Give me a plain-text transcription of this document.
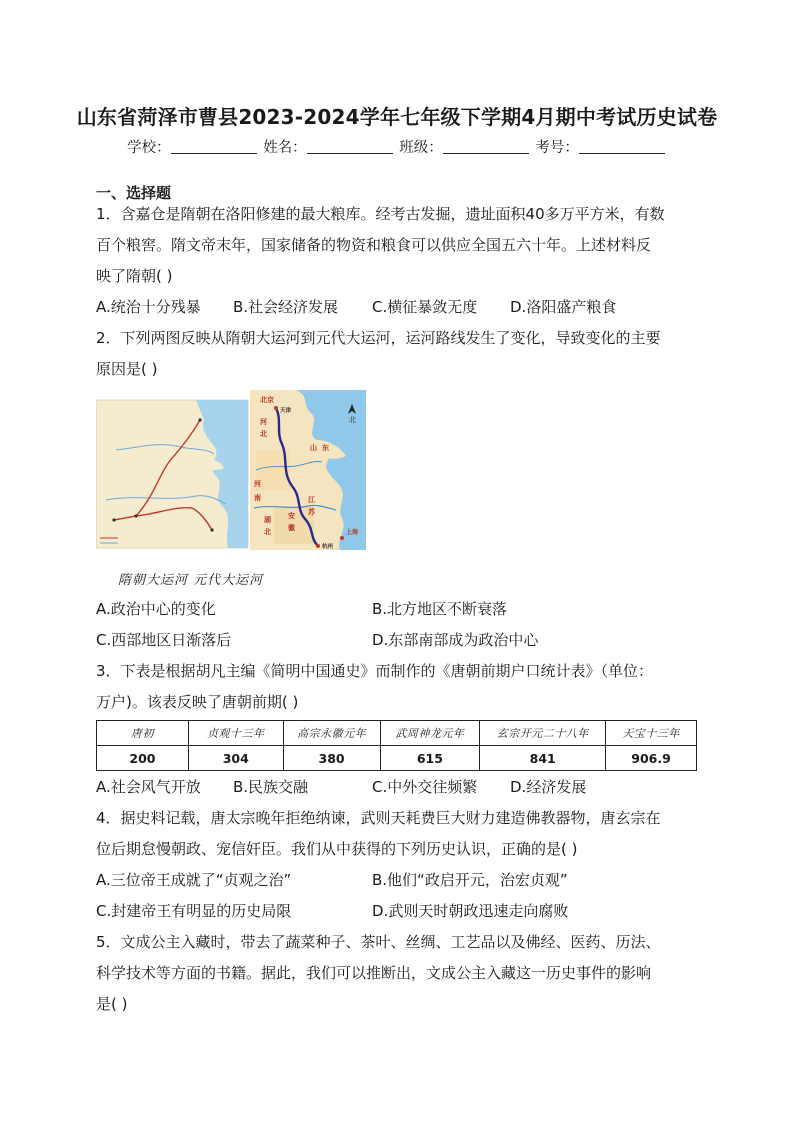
山东省菏泽市曹县2023-2024学年七年级下学期4月期中考试历史试卷
学校：	姓名：	班级：	考号：
一、选择题
1．含嘉仓是隋朝在洛阳修建的最大粮库。经考古发掘，遗址面积40多万平方米，有数
百个粮窖。隋文帝末年，国家储备的物资和粮食可以供应全国五六十年。上述材料反
映了隋朝( )
A.统治十分残暴 B.社会经济发展 C.横征暴敛无度 D.洛阳盛产粮食
2．下列两图反映从隋朝大运河到元代大运河，运河路线发生了变化，导致变化的主要
原因是( )
北京
天津
河
北
山 东
河
南	江
苏
安
徽
湖
北	上海
杭州
北
隋朝大运河 元代大运河
A.政治中心的变化	B.北方地区不断衰落
C.西部地区日渐落后	D.东部南部成为政治中心
3．下表是根据胡凡主编《简明中国通史》而制作的《唐朝前期户口统计表》（单位：
万户)。该表反映了唐朝前期( )
唐初	贞观十三年	高宗永徽元年	武周神龙元年	玄宗开元二十八年	天宝十三年
200	304	380	615	841	906.9
A.社会风气开放 B.民族交融	C.中外交往频繁 D.经济发展
4．据史料记载，唐太宗晚年拒绝纳谏，武则天耗费巨大财力建造佛教器物，唐玄宗在
位后期怠慢朝政、宠信奸臣。我们从中获得的下列历史认识，正确的是( )
A.三位帝王成就了“贞观之治”	B.他们“政启开元，治宏贞观”
C.封建帝王有明显的历史局限	D.武则天时朝政迅速走向腐败
5．文成公主入藏时，带去了蔬菜种子、茶叶、丝绸、工艺品以及佛经、医药、历法、
科学技术等方面的书籍。据此，我们可以推断出，文成公主入藏这一历史事件的影响
是( )
